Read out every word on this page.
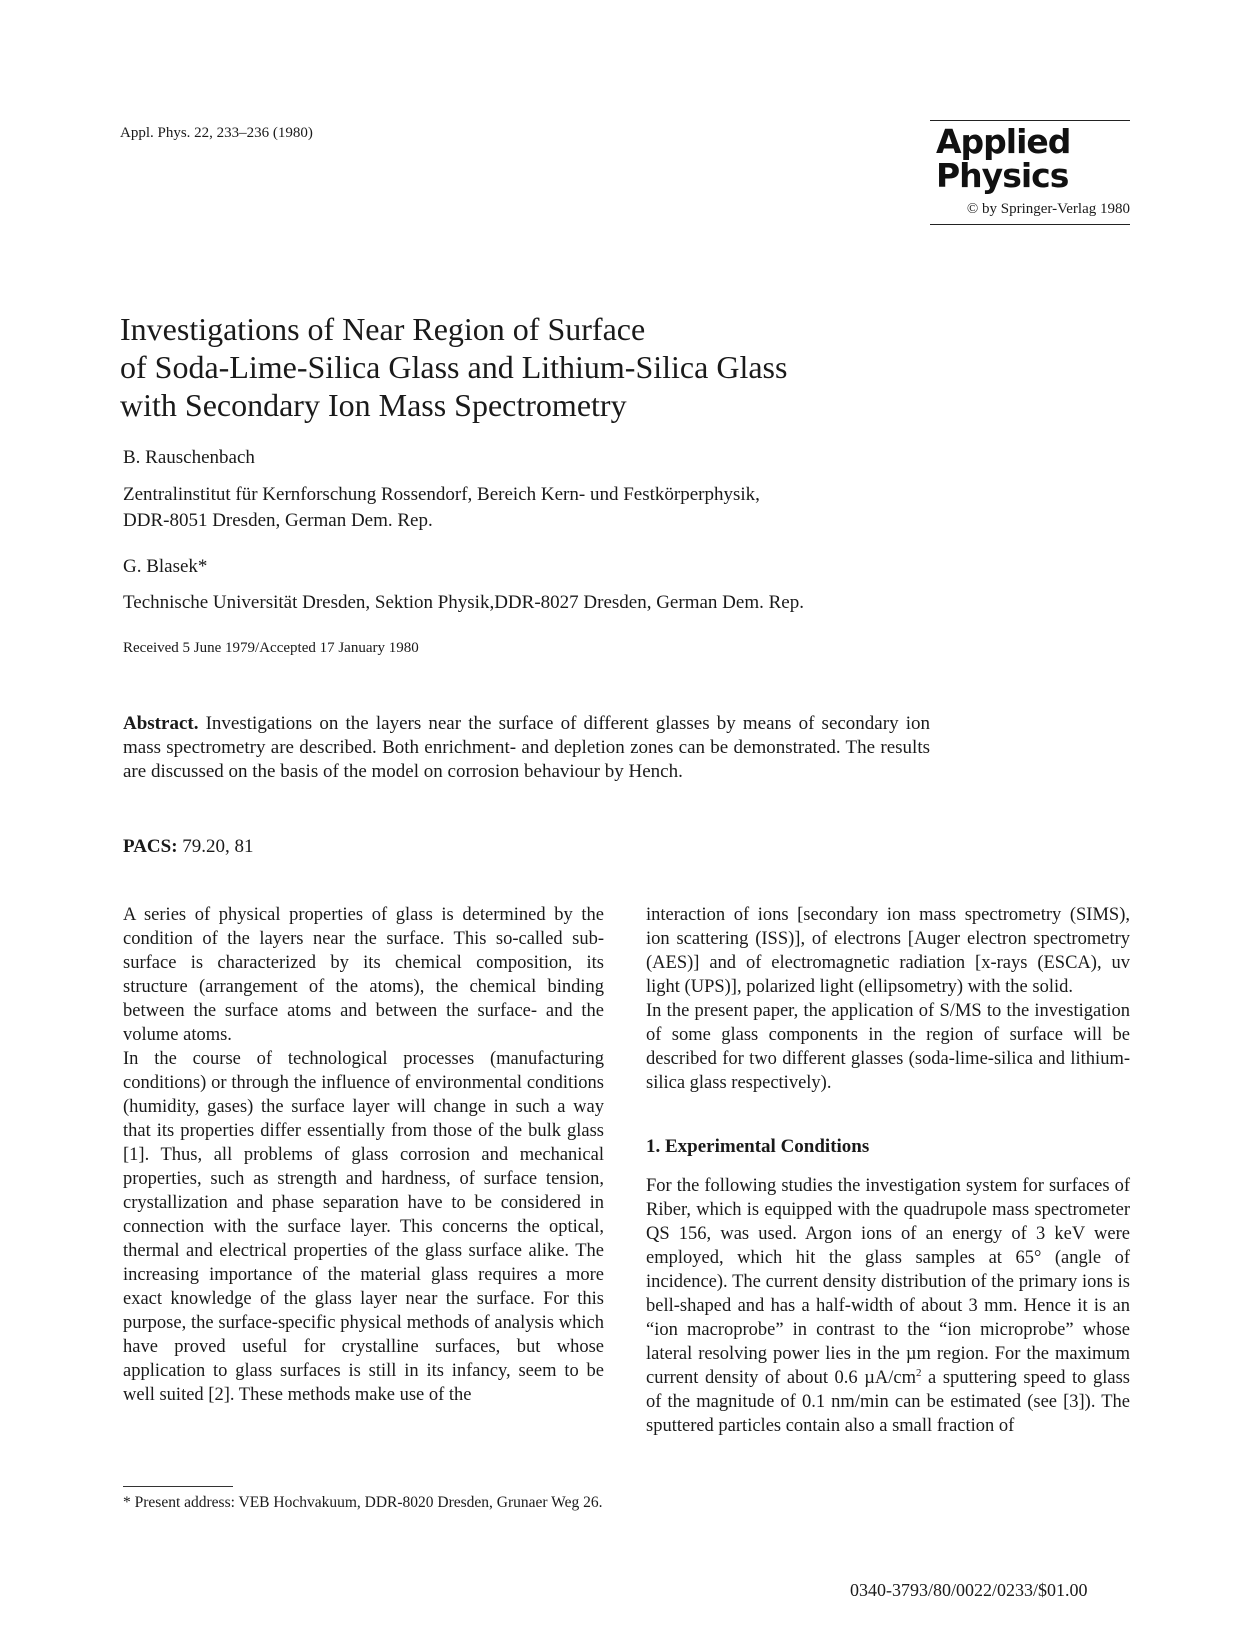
Appl. Phys. 22, 233–236 (1980)	Applied
Physics
© by Springer-Verlag 1980
Investigations of Near Region of Surface
of Soda-Lime-Silica Glass and Lithium-Silica Glass
with Secondary Ion Mass Spectrometry
B. Rauschenbach
Zentralinstitut für Kernforschung Rossendorf, Bereich Kern- und Festkörperphysik,
DDR-8051 Dresden, German Dem. Rep.
G. Blasek*
Technische Universität Dresden, Sektion Physik,DDR-8027 Dresden, German Dem. Rep.
Received 5 June 1979/Accepted 17 January 1980

Abstract. Investigations on the layers near the surface of different glasses by means of secondary ion mass spectrometry are described. Both enrichment- and depletion zones can be demonstrated. The results are discussed on the basis of the model on corrosion behaviour by Hench.

PACS: 79.20, 81

A series of physical properties of glass is determined by the condition of the layers near the surface. This so-called sub-surface is characterized by its chemical composition, its structure (arrangement of the atoms), the chemical binding between the surface atoms and between the surface- and the volume atoms.

In the course of technological processes (manufacturing conditions) or through the influence of environmental conditions (humidity, gases) the surface layer will change in such a way that its properties differ essentially from those of the bulk glass [1]. Thus, all problems of glass corrosion and mechanical properties, such as strength and hardness, of surface tension, crystallization and phase separation have to be considered in connection with the surface layer. This concerns the optical, thermal and electrical properties of the glass surface alike. The increasing importance of the material glass requires a more exact knowledge of the glass layer near the surface. For this purpose, the surface-specific physical methods of analysis which have proved useful for crystalline surfaces, but whose application to glass surfaces is still in its infancy, seem to be well suited [2]. These methods make use of the

interaction of ions [secondary ion mass spectrometry (SIMS), ion scattering (ISS)], of electrons [Auger electron spectrometry (AES)] and of electromagnetic radiation [x-rays (ESCA), uv light (UPS)], polarized light (ellipsometry) with the solid.

In the present paper, the application of S/MS to the investigation of some glass components in the region of surface will be described for two different glasses (soda-lime-silica and lithium-silica glass respectively).

1. Experimental Conditions

For the following studies the investigation system for surfaces of Riber, which is equipped with the quadrupole mass spectrometer QS 156, was used. Argon ions of an energy of 3 keV were employed, which hit the glass samples at 65° (angle of incidence). The current density distribution of the primary ions is bell-shaped and has a half-width of about 3 mm. Hence it is an “ion macroprobe” in contrast to the “ion microprobe” whose lateral resolving power lies in the µm region. For the maximum current density of about 0.6 $\mu A/cm^2$ a sputtering speed to glass of the magnitude of 0.1 nm/min can be estimated (see [3]). The sputtered particles contain also a small fraction of

* Present address: VEB Hochvakuum, DDR-8020 Dresden, Grunaer Weg 26.
0340-3793/80/0022/0233/$01.00
